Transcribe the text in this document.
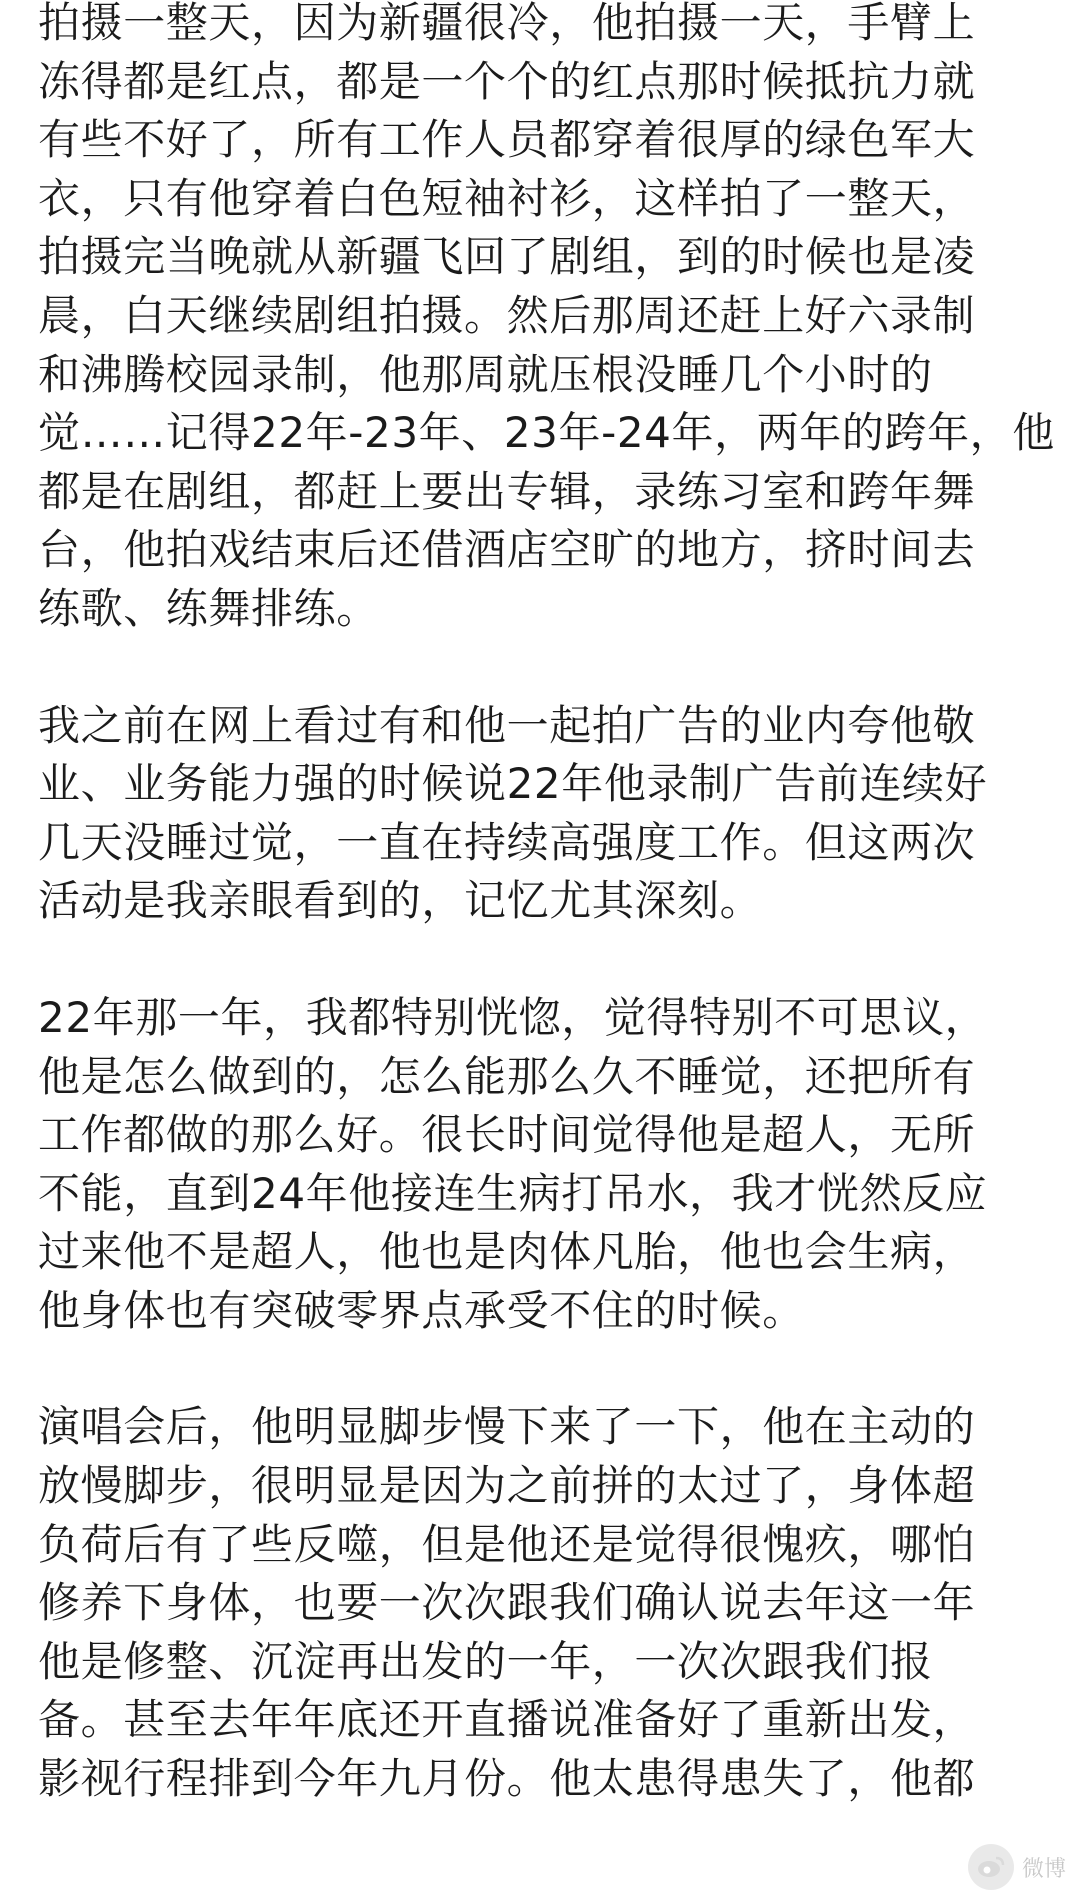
拍摄一整天，因为新疆很冷，他拍摄一天，手臂上
冻得都是红点，都是一个个的红点那时候抵抗力就
有些不好了，所有工作人员都穿着很厚的绿色军大
衣，只有他穿着白色短袖衬衫，这样拍了一整天，
拍摄完当晚就从新疆飞回了剧组，到的时候也是凌
晨，白天继续剧组拍摄。然后那周还赶上好六录制
和沸腾校园录制，他那周就压根没睡几个小时的
觉……记得22年-23年、23年-24年，两年的跨年，他
都是在剧组，都赶上要出专辑，录练习室和跨年舞
台，他拍戏结束后还借酒店空旷的地方，挤时间去
练歌、练舞排练。
我之前在网上看过有和他一起拍广告的业内夸他敬
业、业务能力强的时候说22年他录制广告前连续好
几天没睡过觉，一直在持续高强度工作。但这两次
活动是我亲眼看到的，记忆尤其深刻。
22年那一年，我都特别恍惚，觉得特别不可思议，
他是怎么做到的，怎么能那么久不睡觉，还把所有
工作都做的那么好。很长时间觉得他是超人，无所
不能，直到24年他接连生病打吊水，我才恍然反应
过来他不是超人，他也是肉体凡胎，他也会生病，
他身体也有突破零界点承受不住的时候。
演唱会后，他明显脚步慢下来了一下，他在主动的
放慢脚步，很明显是因为之前拼的太过了，身体超
负荷后有了些反噬，但是他还是觉得很愧疚，哪怕
修养下身体，也要一次次跟我们确认说去年这一年
他是修整、沉淀再出发的一年，一次次跟我们报
备。甚至去年年底还开直播说准备好了重新出发，
影视行程排到今年九月份。他太患得患失了，他都
微博
